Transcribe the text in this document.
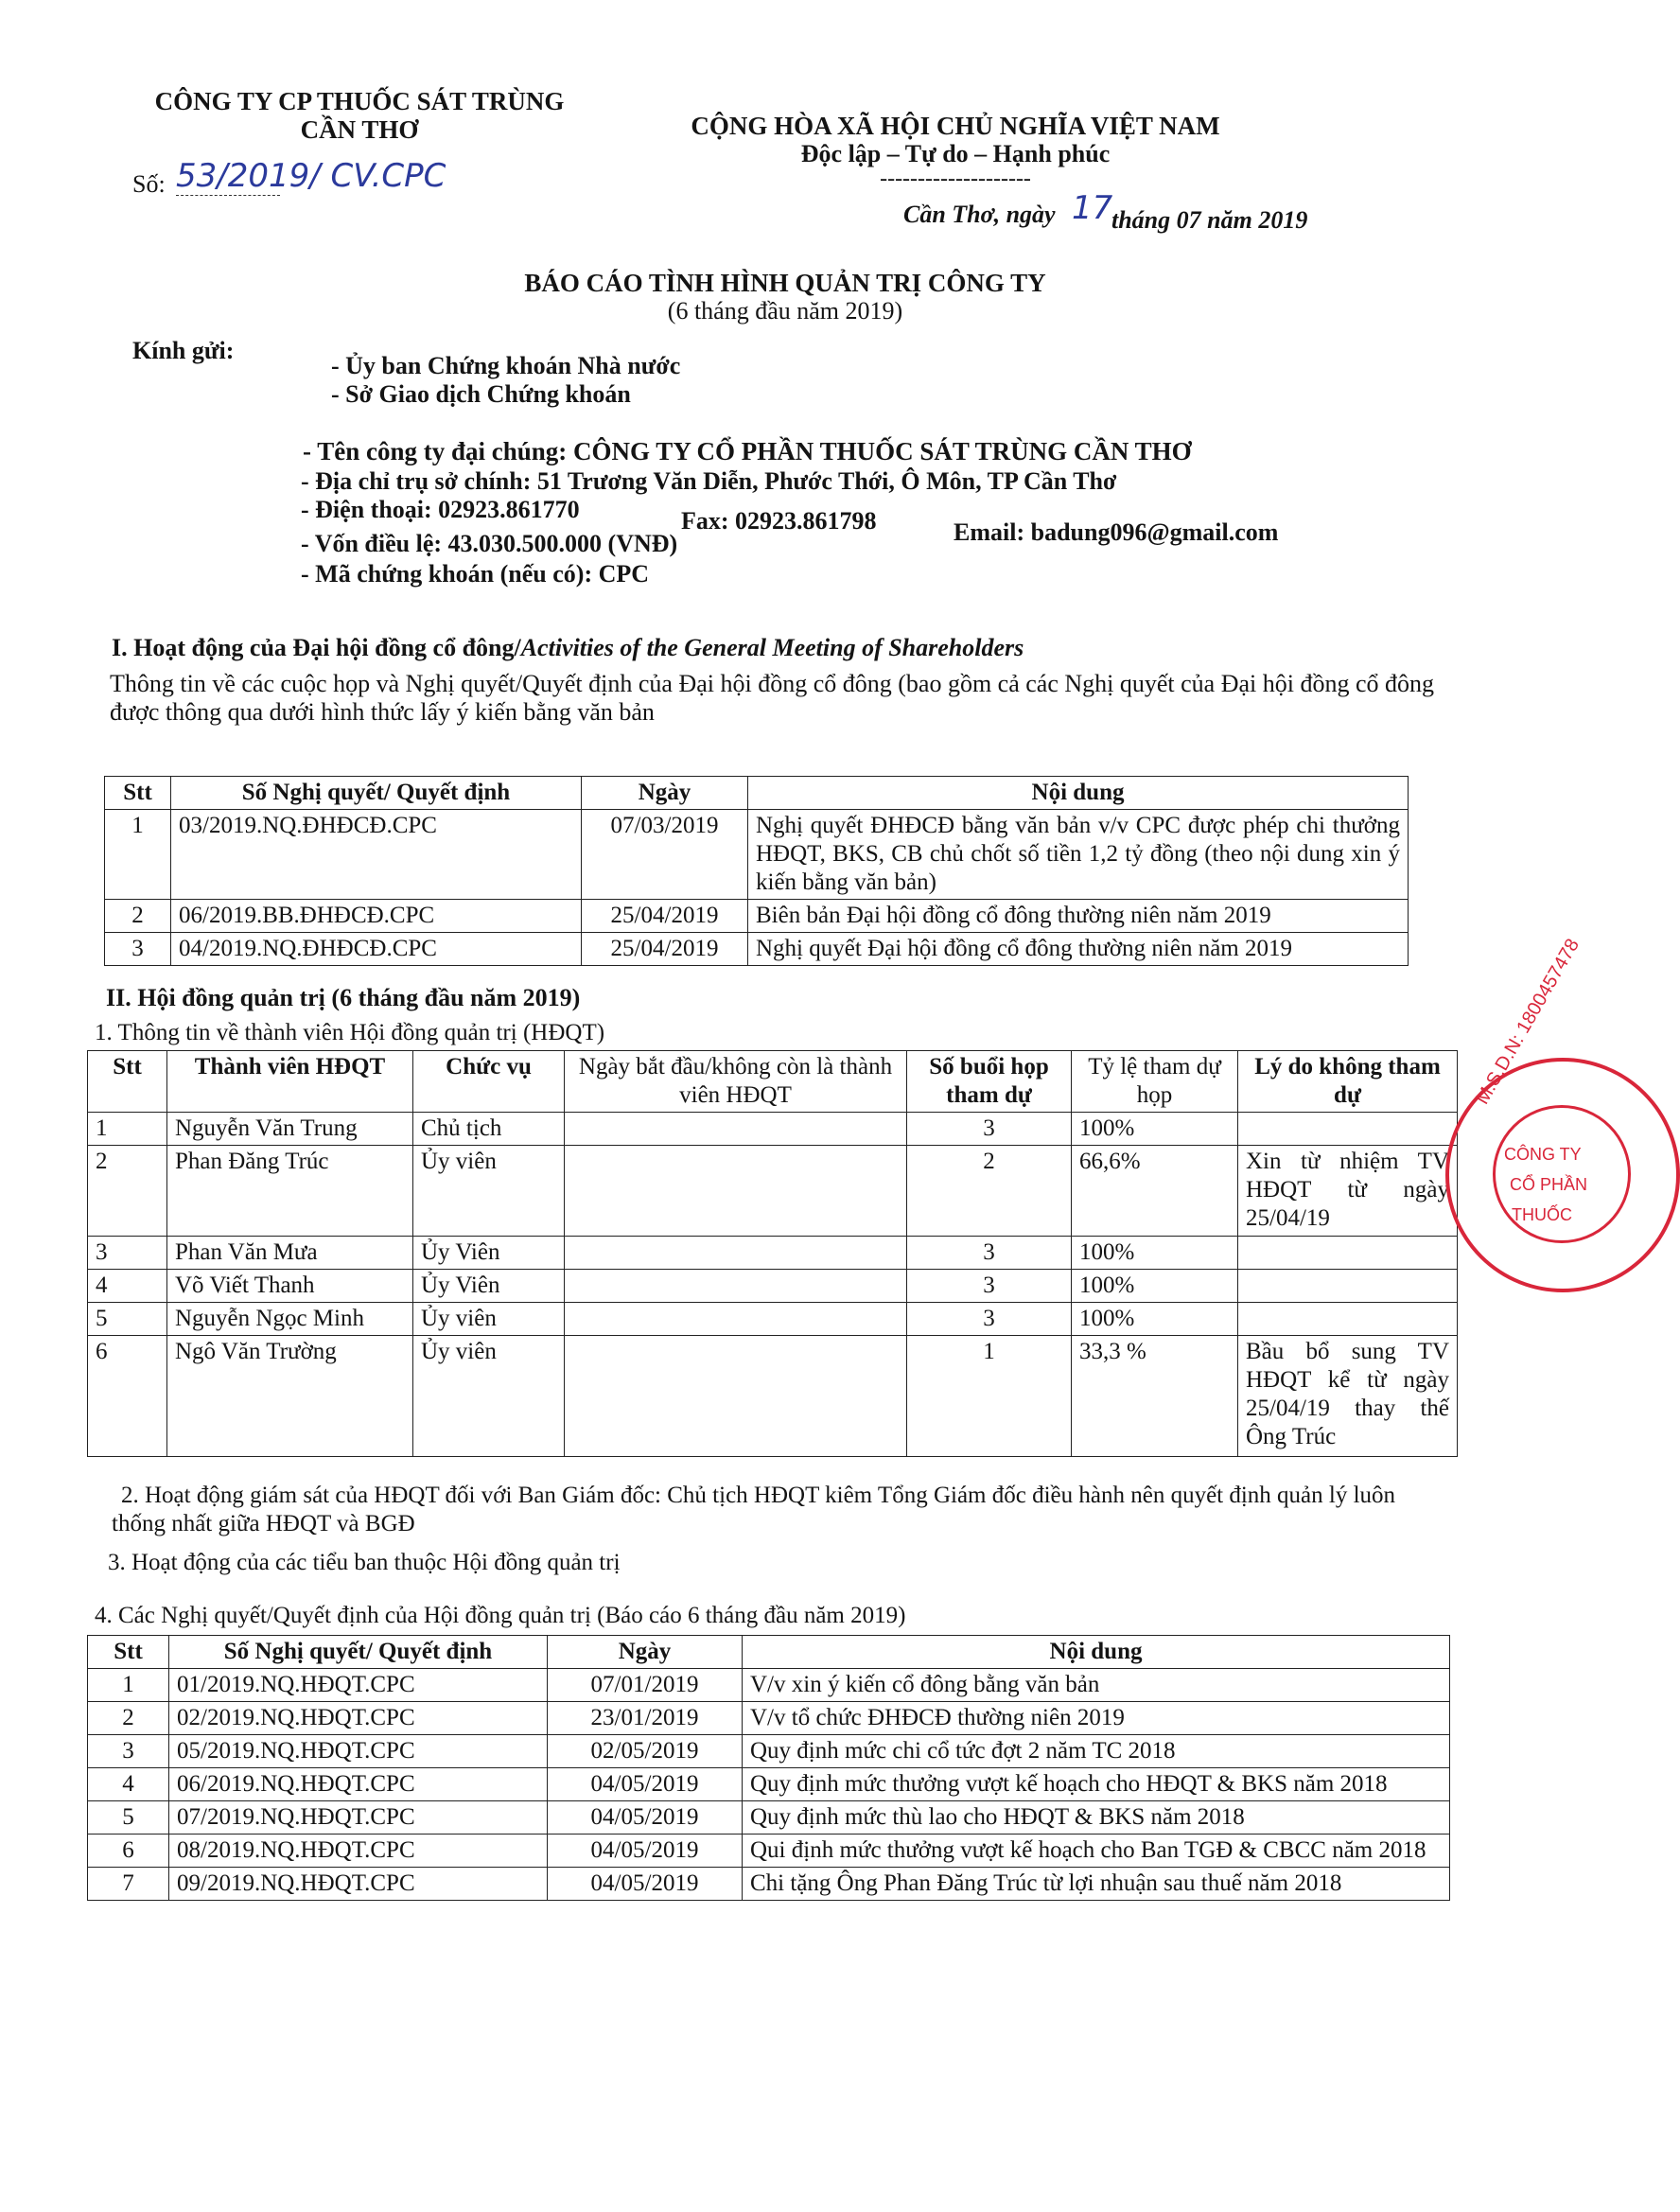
CÔNG TY CP THUỐC SÁT TRÙNG
CẦN THƠ
Số: 53/2019/ CV.CPC
CỘNG HÒA XÃ HỘI CHỦ NGHĨA VIỆT NAM
Độc lập – Tự do – Hạnh phúc
--------------------
Cần Thơ, ngày 17
tháng 07 năm 2019
BÁO CÁO TÌNH HÌNH QUẢN TRỊ CÔNG TY
(6 tháng đầu năm 2019)
Kính gửi:
- Ủy ban Chứng khoán Nhà nước
- Sở Giao dịch Chứng khoán
- Tên công ty đại chúng: CÔNG TY CỔ PHẦN THUỐC SÁT TRÙNG CẦN THƠ
- Địa chỉ trụ sở chính: 51 Trương Văn Diễn, Phước Thới, Ô Môn, TP Cần Thơ
- Điện thoại: 02923.861770	Fax: 02923.861798	Email: badung096@gmail.com
- Vốn điều lệ: 43.030.500.000 (VNĐ)
- Mã chứng khoán (nếu có): CPC
I. Hoạt động của Đại hội đồng cổ đông/Activities of the General Meeting of Shareholders
Thông tin về các cuộc họp và Nghị quyết/Quyết định của Đại hội đồng cổ đông (bao gồm cả các Nghị quyết của Đại hội đồng cổ đông được thông qua dưới hình thức lấy ý kiến bằng văn bản
Stt	Số Nghị quyết/ Quyết định	Ngày	Nội dung
1	03/2019.NQ.ĐHĐCĐ.CPC	07/03/2019	Nghị quyết ĐHĐCĐ bằng văn bản v/v CPC được phép chi thưởng HĐQT, BKS, CB chủ chốt số tiền 1,2 tỷ đồng (theo nội dung xin ý kiến bằng văn bản)
2	06/2019.BB.ĐHĐCĐ.CPC	25/04/2019	Biên bản Đại hội đồng cổ đông thường niên năm 2019
3	04/2019.NQ.ĐHĐCĐ.CPC	25/04/2019	Nghị quyết Đại hội đồng cổ đông thường niên năm 2019
II. Hội đồng quản trị (6 tháng đầu năm 2019)
1. Thông tin về thành viên Hội đồng quản trị (HĐQT)
Stt	Thành viên HĐQT	Chức vụ	Ngày bắt đầu/không còn là thành viên HĐQT	Số buổi họp tham dự	Tỷ lệ tham dự họp	Lý do không tham dự
1	Nguyễn Văn Trung	Chủ tịch		3	100%	
2	Phan Đăng Trúc	Ủy viên		2	66,6%	Xin từ nhiệm TV HĐQT từ ngày 25/04/19
3	Phan Văn Mưa	Ủy Viên		3	100%	
4	Võ Viết Thanh	Ủy Viên		3	100%	
5	Nguyễn Ngọc Minh	Ủy viên		3	100%	
6	Ngô Văn Trường	Ủy viên		1	33,3 %	Bầu bổ sung TV HĐQT kể từ ngày 25/04/19 thay thế Ông Trúc
2. Hoạt động giám sát của HĐQT đối với Ban Giám đốc: Chủ tịch HĐQT kiêm Tổng Giám đốc điều hành nên quyết định quản lý luôn thống nhất giữa HĐQT và BGĐ
3. Hoạt động của các tiểu ban thuộc Hội đồng quản trị
4. Các Nghị quyết/Quyết định của Hội đồng quản trị (Báo cáo 6 tháng đầu năm 2019)
Stt	Số Nghị quyết/ Quyết định	Ngày	Nội dung
1	01/2019.NQ.HĐQT.CPC	07/01/2019	V/v xin ý kiến cổ đông bằng văn bản
2	02/2019.NQ.HĐQT.CPC	23/01/2019	V/v tổ chức ĐHĐCĐ thường niên 2019
3	05/2019.NQ.HĐQT.CPC	02/05/2019	Quy định mức chi cổ tức đợt 2 năm TC 2018
4	06/2019.NQ.HĐQT.CPC	04/05/2019	Quy định mức thưởng vượt kế hoạch cho HĐQT & BKS năm 2018
5	07/2019.NQ.HĐQT.CPC	04/05/2019	Quy định mức thù lao cho HĐQT & BKS năm 2018
6	08/2019.NQ.HĐQT.CPC	04/05/2019	Qui định mức thưởng vượt kế hoạch cho Ban TGĐ & CBCC năm 2018
7	09/2019.NQ.HĐQT.CPC	04/05/2019	Chi tặng Ông Phan Đăng Trúc từ lợi nhuận sau thuế năm 2018
M.S.D.N: 1800457478
CÔNG TY
CỔ PHẦN
THUỐC
